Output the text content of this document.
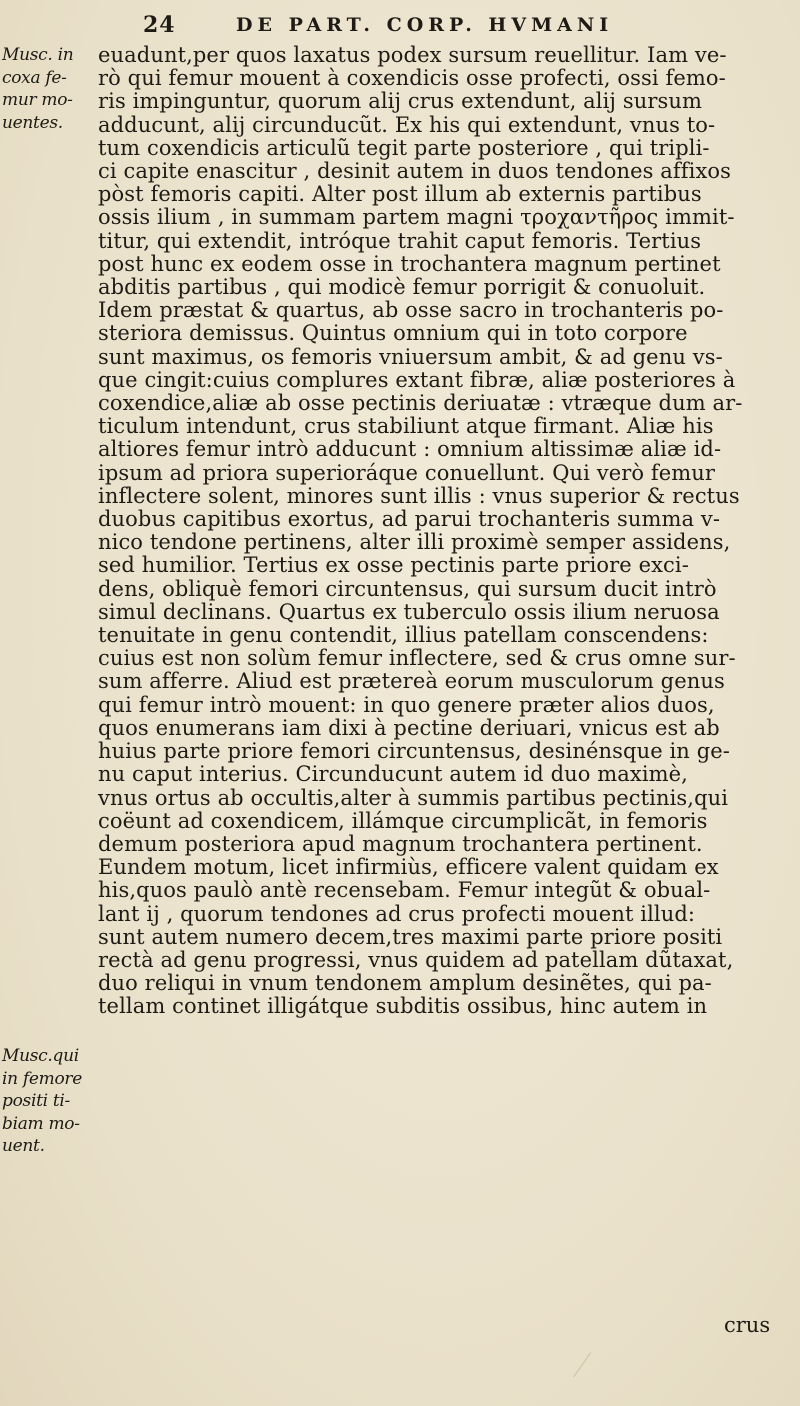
24	DE PART. CORP. HVMANI
Musc. in
coxa fe-
mur mo-
uentes.
Musc.qui
in femore
positi ti-
biam mo-
uent.
euadunt,per quos laxatus podex sursum reuellitur. Iam ve-
rò qui femur mouent à coxendicis osse profecti, ossi femo-
ris impinguntur, quorum alij crus extendunt, alij sursum
adducunt, alij circunducũt. Ex his qui extendunt, vnus to-
tum coxendicis articulũ tegit parte posteriore , qui tripli-
ci capite enascitur , desinit autem in duos tendones affixos
pòst femoris capiti. Alter post illum ab externis partibus
ossis ilium , in summam partem magni τροχαντῆρος immit-
titur, qui extendit, intróque trahit caput femoris. Tertius
post hunc ex eodem osse in trochantera magnum pertinet
abditis partibus , qui modicè femur porrigit & conuoluit.
Idem præstat & quartus, ab osse sacro in trochanteris po-
steriora demissus. Quintus omnium qui in toto corpore
sunt maximus, os femoris vniuersum ambit, & ad genu vs-
que cingit:cuius complures extant fibræ, aliæ posteriores à
coxendice,aliæ ab osse pectinis deriuatæ : vtræque dum ar-
ticulum intendunt, crus stabiliunt atque firmant. Aliæ his
altiores femur intrò adducunt : omnium altissimæ aliæ id-
ipsum ad priora superioráque conuellunt. Qui verò femur
inflectere solent, minores sunt illis : vnus superior & rectus
duobus capitibus exortus, ad parui trochanteris summa v-
nico tendone pertinens, alter illi proximè semper assidens,
sed humilior. Tertius ex osse pectinis parte priore exci-
dens, obliquè femori circuntensus, qui sursum ducit intrò
simul declinans. Quartus ex tuberculo ossis ilium neruosa
tenuitate in genu contendit, illius patellam conscendens:
cuius est non solùm femur inflectere, sed & crus omne sur-
sum afferre. Aliud est prætereà eorum musculorum genus
qui femur intrò mouent: in quo genere præter alios duos,
quos enumerans iam dixi à pectine deriuari, vnicus est ab
huius parte priore femori circuntensus, desinénsque in ge-
nu caput interius. Circunducunt autem id duo maximè,
vnus ortus ab occultis,alter à summis partibus pectinis,qui
coëunt ad coxendicem, illámque circumplicãt, in femoris
demum posteriora apud magnum trochantera pertinent.
Eundem motum, licet infirmiùs, efficere valent quidam ex
his,quos paulò antè recensebam. Femur integũt & obual-
lant ij , quorum tendones ad crus profecti mouent illud:
sunt autem numero decem,tres maximi parte priore positi
rectà ad genu progressi, vnus quidem ad patellam dũtaxat,
duo reliqui in vnum tendonem amplum desinẽtes, qui pa-
tellam continet illigátque subditis ossibus, hinc autem in
crus
